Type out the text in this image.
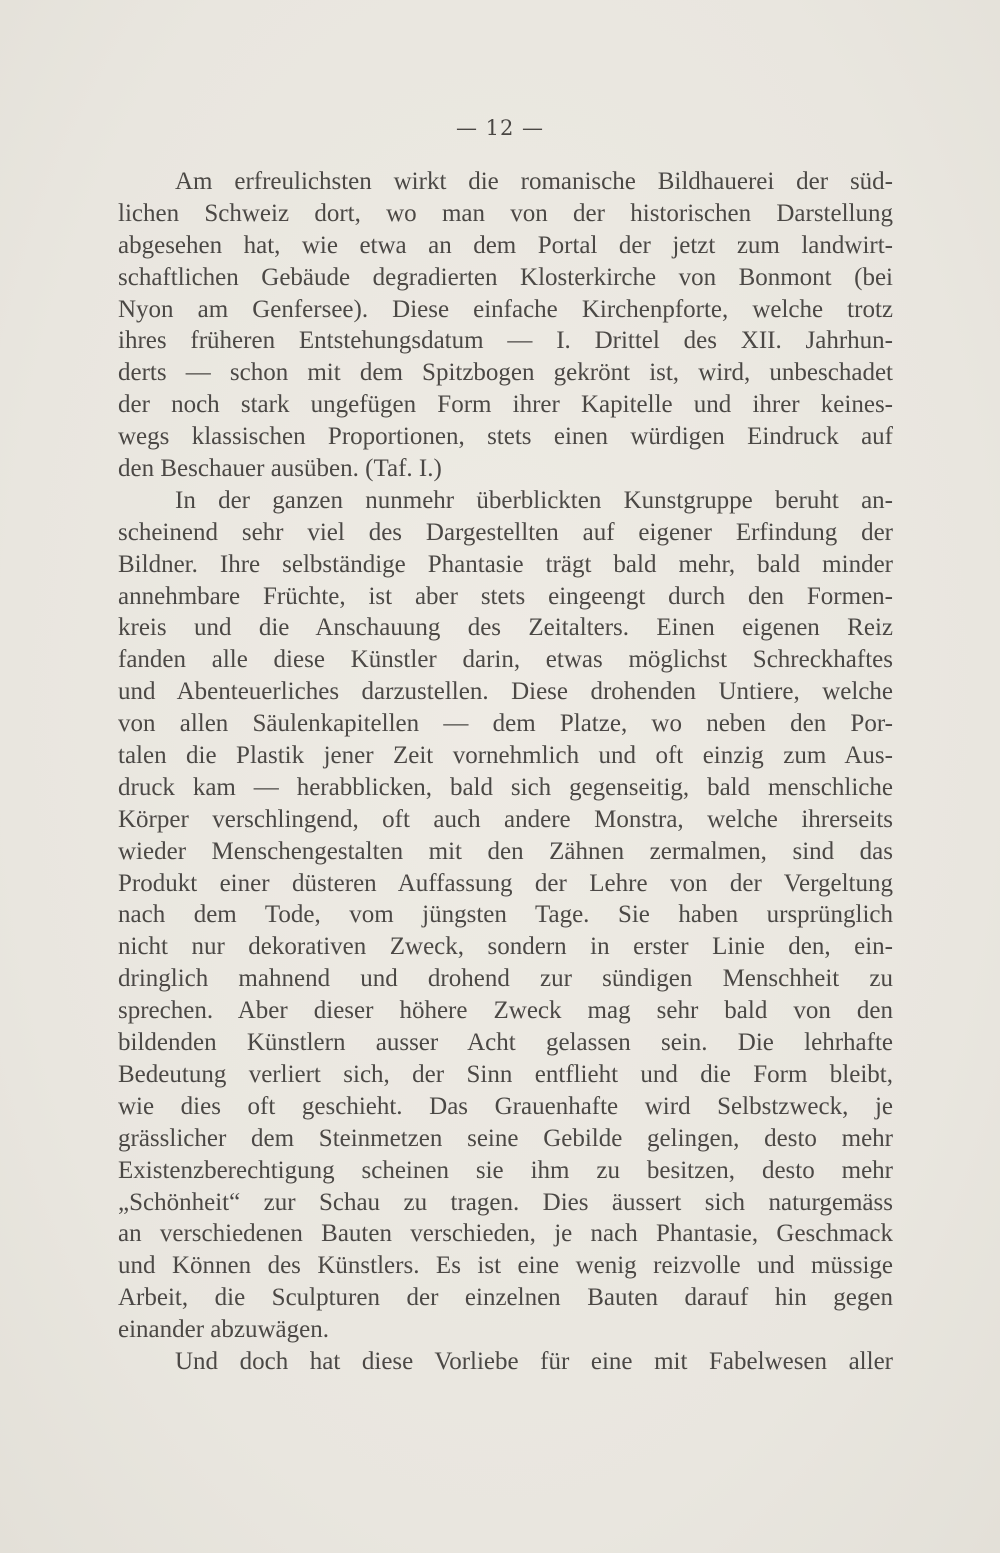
— 12 —
Am erfreulichsten wirkt die romanische Bildhauerei der süd-
lichen Schweiz dort, wo man von der historischen Darstellung
abgesehen hat, wie etwa an dem Portal der jetzt zum landwirt-
schaftlichen Gebäude degradierten Klosterkirche von Bonmont (bei
Nyon am Genfersee). Diese einfache Kirchenpforte, welche trotz
ihres früheren Entstehungsdatum — I. Drittel des XII. Jahrhun-
derts — schon mit dem Spitzbogen gekrönt ist, wird, unbeschadet
der noch stark ungefügen Form ihrer Kapitelle und ihrer keines-
wegs klassischen Proportionen, stets einen würdigen Eindruck auf
den Beschauer ausüben. (Taf. I.)
In der ganzen nunmehr überblickten Kunstgruppe beruht an-
scheinend sehr viel des Dargestellten auf eigener Erfindung der
Bildner. Ihre selbständige Phantasie trägt bald mehr, bald minder
annehmbare Früchte, ist aber stets eingeengt durch den Formen-
kreis und die Anschauung des Zeitalters. Einen eigenen Reiz
fanden alle diese Künstler darin, etwas möglichst Schreckhaftes
und Abenteuerliches darzustellen. Diese drohenden Untiere, welche
von allen Säulenkapitellen — dem Platze, wo neben den Por-
talen die Plastik jener Zeit vornehmlich und oft einzig zum Aus-
druck kam — herabblicken, bald sich gegenseitig, bald menschliche
Körper verschlingend, oft auch andere Monstra, welche ihrerseits
wieder Menschengestalten mit den Zähnen zermalmen, sind das
Produkt einer düsteren Auffassung der Lehre von der Vergeltung
nach dem Tode, vom jüngsten Tage. Sie haben ursprünglich
nicht nur dekorativen Zweck, sondern in erster Linie den, ein-
dringlich mahnend und drohend zur sündigen Menschheit zu
sprechen. Aber dieser höhere Zweck mag sehr bald von den
bildenden Künstlern ausser Acht gelassen sein. Die lehrhafte
Bedeutung verliert sich, der Sinn entflieht und die Form bleibt,
wie dies oft geschieht. Das Grauenhafte wird Selbstzweck, je
grässlicher dem Steinmetzen seine Gebilde gelingen, desto mehr
Existenzberechtigung scheinen sie ihm zu besitzen, desto mehr
„Schönheit“ zur Schau zu tragen. Dies äussert sich naturgemäss
an verschiedenen Bauten verschieden, je nach Phantasie, Geschmack
und Können des Künstlers. Es ist eine wenig reizvolle und müssige
Arbeit, die Sculpturen der einzelnen Bauten darauf hin gegen
einander abzuwägen.
Und doch hat diese Vorliebe für eine mit Fabelwesen aller
